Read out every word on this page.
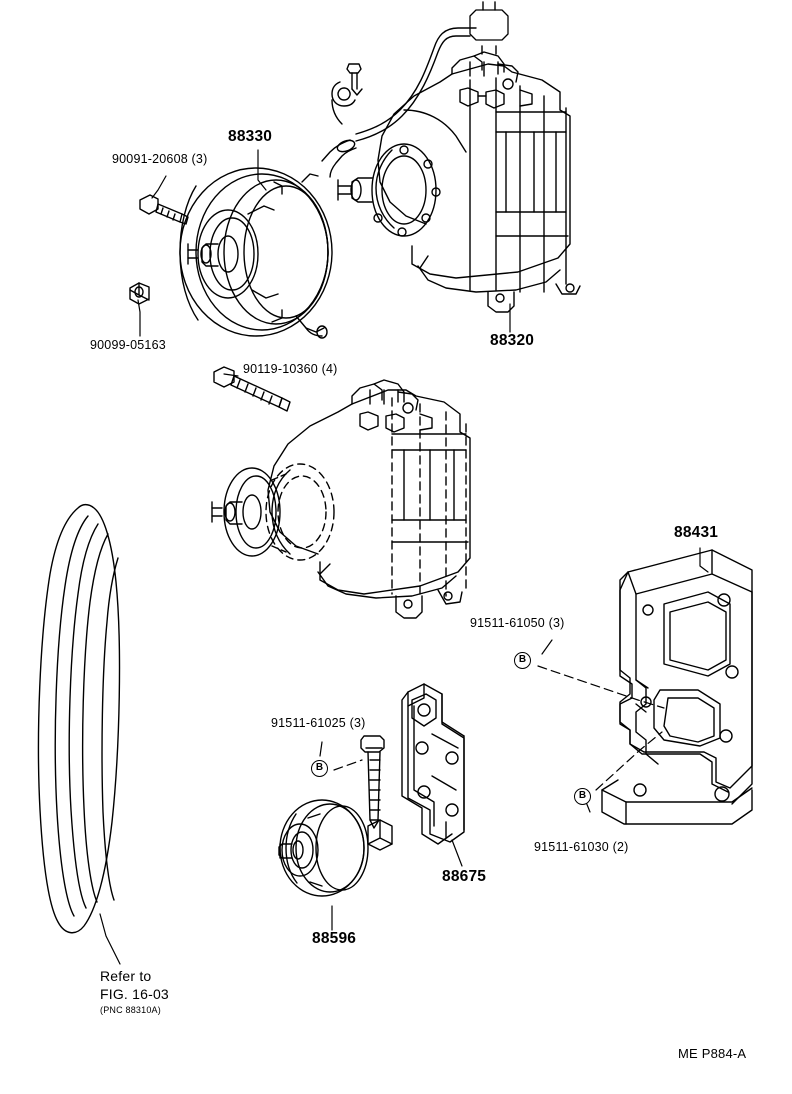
90091-20608 (3)
88330
90099-05163	88320
90119-10360 (4)
88431
91511-61050 (3)
B
91511-61025 (3)
B
91511-61030 (2)
B
88675
88596
Refer to
FIG. 16-03
(PNC 88310A)
ME P884-A
